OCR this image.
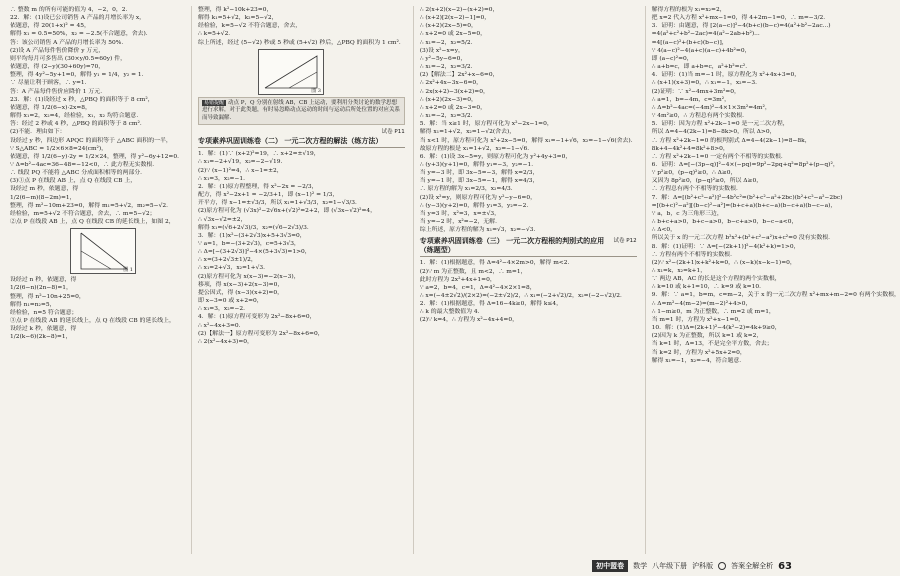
∴ 整数 m 的所有可能的值为 4，−2，0，2．
22．解：(1)设已公司销售 A 产品的月增长率为 x，
依题意，得 20(1+x)² = 45，
解得 x₁ = 0.5=50%，x₂ = −2.5(不合题意，舍去)．
答：该公司销售 A 产品的月增长率为 50%．
(2)设 A 产品每件售价降价 y 万元，
则平均每月可多售出 (30×y/0.5=60y) 件，
依题意，得 (2−y)(30+60y)=70，
整理，得 4y²−5y+1=0，解得 y₁ = 1/4，y₂ = 1．
∵ 尽量让利于顾客，∴ y=1．
答：A 产品每件售价应降价 1 万元．
23．解：(1)设经过 x 秒，△PBQ 的面积等于 8 cm²，
依题意，得 1/2(6−x)·2x=8，
解得 x₁=2，x₂=4，经检验，x₁，x₂ 均符合题意．
答：经过 2 秒或 4 秒，△PBQ 的面积等于 8 cm²．
(2)不能．理由如下：
设经过 y 秒，四边形 APQC 的面积等于 △ABC 面积的一半，
∵ S△ABC = 1/2×6×8=24(cm²)，
依题意，得 1/2(6−y)·2y = 1/2×24，整理，得 y²−6y+12=0．
∵ Δ=b²−4ac=36−48=−12<0，∴ 此方程无实数根．
∴ 线段 PQ 不能将 △ABC 分成面积相等的两部分．
(3)①点 P 在线段 AB 上，点 Q 在线段 CB 上，
设经过 m 秒，依题意，得
1/2(6−m)(8−2m)=1，
整理，得 m²−10m+23=0，解得 m₁=5+√2，m₂=5−√2．
经检验，m=5+√2 不符合题意，舍去，∴ m=5−√2；
②点 P 在线段 AB 上，点 Q 在线段 CB 的延长线上，如图 2，
图 1
设经过 n 秒，依题意，得
1/2(6−n)(2n−8)=1，
整理，得 n²−10n+25=0，
解得 n₁=n₂=5，
经检验，n=5 符合题意；
③点 P 在线段 AB 的延长线上，点 Q 在线段 CB 的延长线上，
设经过 k 秒，依题意，得
1/2(k−6)(2k−8)=1，
整理，得 k²−10k+23=0，
解得 k₁=5+√2，k₂=5−√2，
经检验，k=5−√2 不符合题意，舍去，
∴ k=5+√2．
综上所述，经过 (5−√2) 秒或 5 秒或 (5+√2) 秒后，△PBQ 的面积为 1 cm²．
图 3
易错提醒 动点 P，Q 分别在射线 AB，CB 上运动，要利用分类讨论的数学思想进行求解，对于此类题，有时易忽略动点运动的时间与运动后所处位置的对应关系而导致漏解．
试卷 P11
专项素养巩固训练卷（二） 一元二次方程的解法（练方法）
1．解：(1)∵ (x+2)²=19，∴ x+2=±√19，
∴ x₁=−2+√19，x₂=−2−√19．
(2)∵ (x−1)²=4，∴ x−1=±2，
∴ x₁=3，x₂=−1．
2．解：(1)原方程整理，得 x²−2x = −2/3，
配方，得 x²−2x+1 = −2/3+1，即 (x−1)² = 1/3，
开平方，得 x−1=±√3/3，所以 x₁=1+√3/3，x₂=1−√3/3．
(2)原方程可化为 (√3x)²−2√6x+(√2)²=2+2，即 (√3x−√2)²=4，
∴ √3x−√2=±2，
解得 x₁=(√6+2√3)/3，x₂=(√6−2√3)/3．
3．解：(1)x²−(3+2√3)x+5+3√3=0，
∵ a=1，b=−(3+2√3)，c=5+3√3，
∴ Δ=[−(3+2√3)]²−4×(5+3√3)=1>0，
∴ x=(3+2√3±1)/2，
∴ x₁=2+√3，x₂=1+√3．
(2)原方程可化为 x(x−3)=−2(x−3)，
移项，得 x(x−3)+2(x−3)=0，
提公因式，得 (x−3)(x+2)=0，
即 x−3=0 或 x+2=0，
∴ x₁=3，x₂=−2．
4．解：(1)原方程可变形为 2x²−8x+6=0，
∴ x²−4x+3=0．
(2)【解法一】原方程可变形为 2x²−8x+6=0，
∴ 2(x²−4x+3)=0，
∴ 2(x+2)(x−2)−(x+2)=0，
∴ (x+2)[2(x−2)−1]=0，
∴ (x+2)(2x−5)=0，
∴ x+2=0 或 2x−5=0，
∴ x₁=−2，x₂=5/2．
(3)设 x²−x=y，
∴ y²−5y−6=0，
∴ x₁=−2，x₂=3/2．
(2)【解法二】2x²+x−6=0，
∴ 2x²+4x−3x−6=0，
∴ 2x(x+2)−3(x+2)=0，
∴ (x+2)(2x−3)=0，
∴ x+2=0 或 2x−3=0，
∴ x₁=−2，x₂=3/2．
5．解：当 x≥1 时，原方程可化为 x²−2x−1=0，
解得 x₁=1+√2，x₂=1−√2(舍去)，
当 x<1 时，原方程可化为 x²+2x−5=0，解得 x₁=−1+√6，x₂=−1−√6(舍去)．
故原方程的根是 x₁=1+√2，x₂=−1−√6．
6．解：(1)设 3x−5=y，则原方程可化为 y²+4y+3=0，
∴ (y+3)(y+1)=0，解得 y₁=−3，y₂=−1．
当 y=−3 时，即 3x−5=−3，解得 x=2/3，
当 y=−1 时，即 3x−5=−1，解得 x=4/3，
∴ 原方程的解为 x₁=2/3，x₂=4/3．
(2)设 x²=y，则原方程可化为 y²−y−6=0，
∴ (y−3)(y+2)=0，解得 y₁=3，y₂=−2．
当 y=3 时，x²=3，x=±√3，
当 y=−2 时，x²=−2，无解．
综上所述，原方程的解为 x₁=√3，x₂=−√3．
试卷 P12
专项素养巩固训练卷（三） 一元二次方程根的判别式的应用（练题型）
1．解：(1)根据题意，得 Δ=4²−4×2m>0，解得 m<2．
(2)∵ m 为正整数，且 m<2，∴ m=1，
此时方程为 2x²+4x+1=0，
∵ a=2，b=4，c=1，Δ=4²−4×2×1=8，
∴ x=(−4±2√2)/(2×2)=(−2±√2)/2，∴ x₁=(−2+√2)/2，x₂=(−2−√2)/2．
2．解：(1)根据题意，得 Δ=16−4k≥0，解得 k≤4，
∴ k 的最大整数值为 4．
(2)∵ k=4，∴ 方程为 x²−4x+4=0，
解得方程的根为 x₁=x₂=2，
把 x=2 代入方程 x²+mx−1=0，得 4+2m−1=0，∴ m=−3/2．
3．证明：由题意，得 [2(a−c)]²−4(b+c)(b−c)=4(a²+b²−2ac...)
=4(a²+c²+b²−2ac)=4(a²−2ab+b²)...
=4[(a−c)²+(b+c)(b−c)]，
∵ 4(a−c)²−4(a+c)(a−c)+4b²=0，
即 (a−c)²=0，
∴ a+b=c，即 a+b=c，a²+b²=c²．
4．证明：(1)当 m=−1 时，原方程化为 x²+4x+3=0，
∴ (x+1)(x+3)=0，∴ x₁=−1，x₂=−3．
(2)证明：∵ x²−4mx+3m²=0，
∴ a=1，b=−4m，c=3m²，
∴ Δ=b²−4ac=(−4m)²−4×1×3m²=4m²，
∵ 4m²≥0，∴ 方程总有两个实数根．
5．证明：因为方程 x²+2k−1=0 是一元二次方程，
所以 Δ=4−4(2k−1)=8−8k>0，所以 Δ>0，
∴ 方程 x²+2k−1=0 的根判别式 Δ=4−4(2k−1)=8−8k，
8k+4−4k²+4=8k²+8>0，
∴ 方程 x²+2k−1=0 一定有两个不相等的实数根．
6．证明：Δ=[−(3p−q)]²−4×(−pq)=9p²−2pq+q²=8p²+(p−q)²，
∵ p²≥0，(p−q)²≥0，∴ Δ≥0，
又因为 8p²≥0，(p−q)²≥0，所以 Δ≥0，
∴ 方程总有两个不相等的实数根．
7．解：Δ=[(b²+c²−a²)]²−4b²c²=(b²+c²−a²+2bc)(b²+c²−a²−2bc)
=[(b+c)²−a²][(b−c)²−a²]=(b+c+a)(b+c−a)(b−c+a)(b−c−a)，
∵ a，b，c 为三角形三边，
∴ b+c+a>0，b+c−a>0，b−c+a>0，b−c−a<0，
∴ Δ<0，
所以关于 x 的一元二次方程 b²x²+(b²+c²−a²)x+c²=0 没有实数根．
8．解：(1)证明：∵ Δ=[−(2k+1)]²−4(k²+k)=1>0，
∴ 方程有两个不相等的实数根．
(2)∵ x²−(2k+1)x+k²+k=0，∴ (x−k)(x−k−1)=0，
∴ x₁=k，x₂=k+1，
∵ 两边 AB，AC 的长是这个方程的两个实数根，
∴ k=10 或 k+1=10，∴ k=9 或 k=10．
9．解：∵ a=1，b=m，c=m−2，关于 x 的一元二次方程 x²+mx+m−2=0 有两个实数根，
∴ Δ=m²−4(m−2)=(m−2)²+4>0，
∴ 1−m≥0，m 为正整数，∴ m=2 或 m=1，
当 m=1 时，方程为 x²+x−1=0，
10．解：(1)Δ=(2k+1)²−4(k²−2)=4k+9≥0，
(2)因为 k 为正整数，所以 k=1 或 k=2，
当 k=1 时，Δ=13，不是完全平方数，舍去；
当 k=2 时，方程为 x²+5x+2=0，
解得 x₁=−1，x₂=−4，符合题意．
初中盟卷	数学 八年级下册 沪科版	答案全解全析 63
